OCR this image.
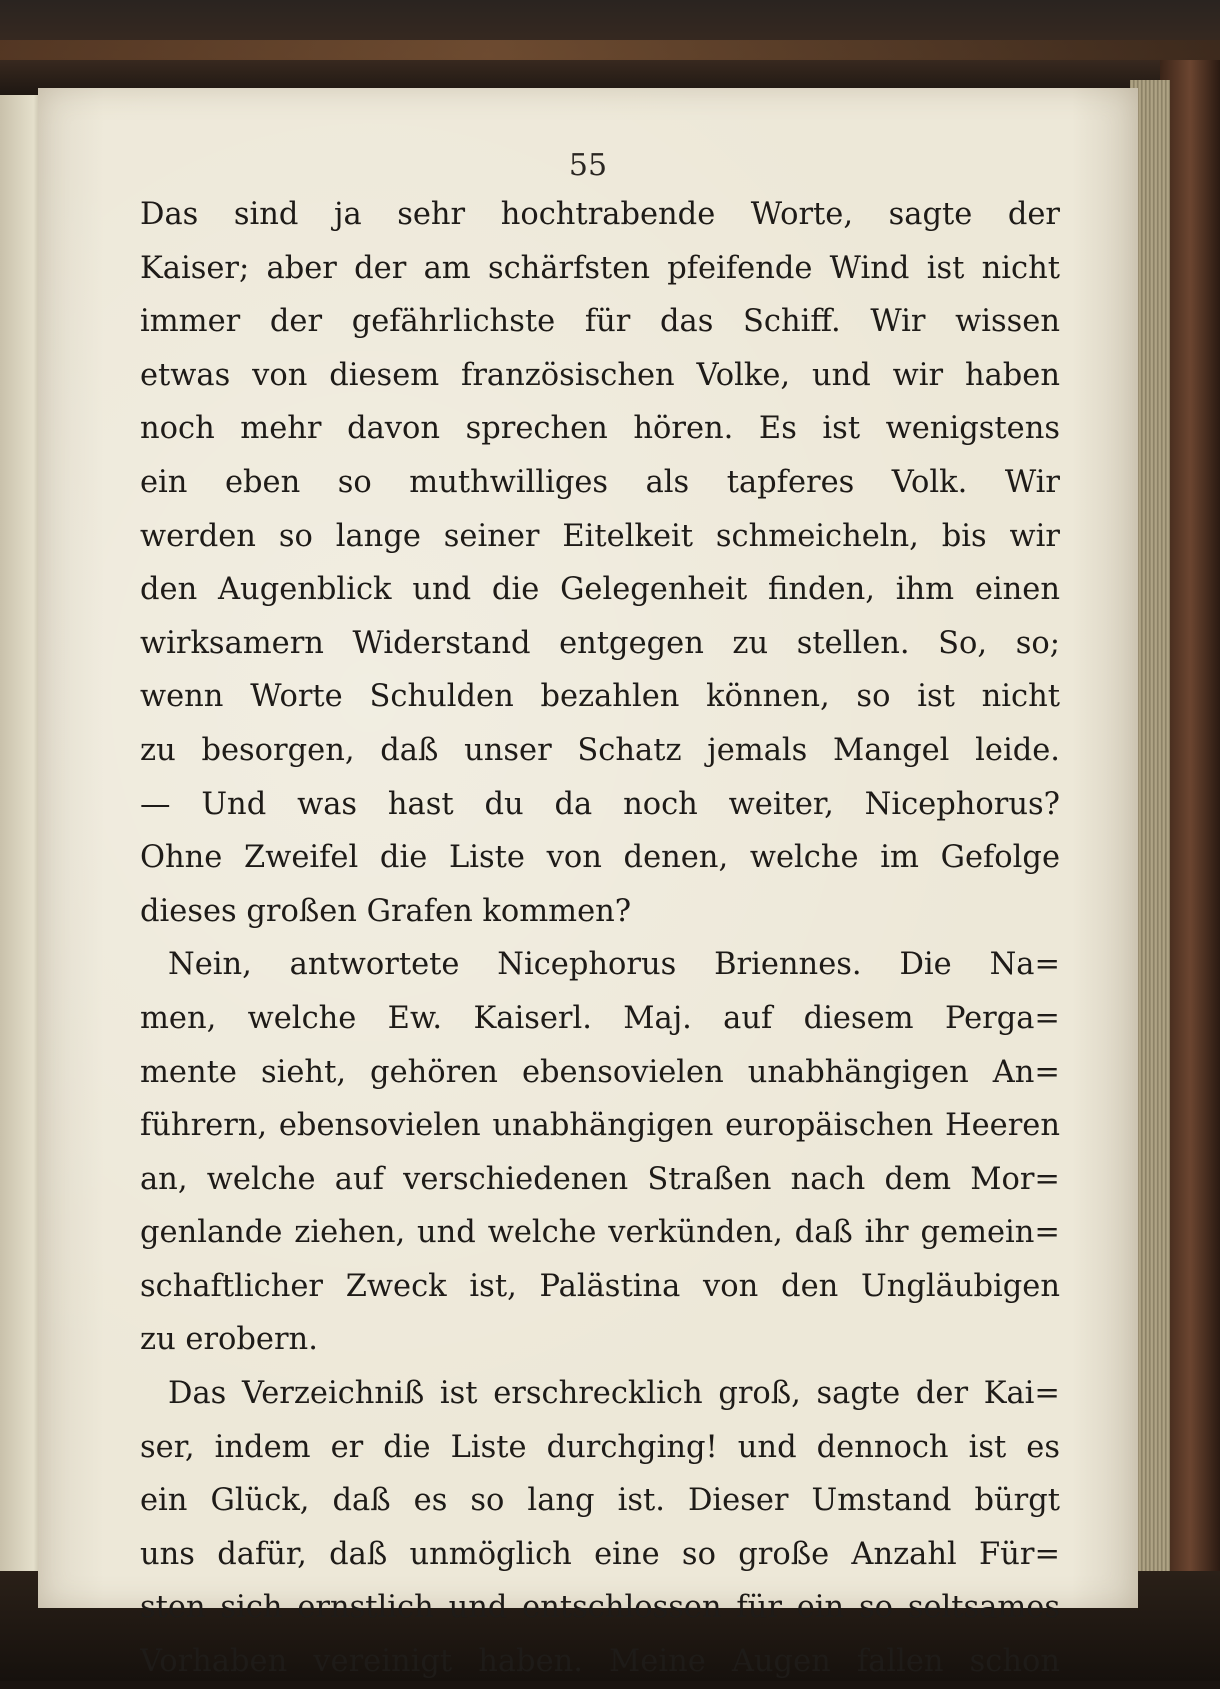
55
Das sind ja sehr hochtrabende Worte, sagte der
Kaiser; aber der am schärfsten pfeifende Wind ist nicht
immer der gefährlichste für das Schiff. Wir wissen
etwas von diesem französischen Volke, und wir haben
noch mehr davon sprechen hören. Es ist wenigstens
ein eben so muthwilliges als tapferes Volk. Wir
werden so lange seiner Eitelkeit schmeicheln, bis wir
den Augenblick und die Gelegenheit finden, ihm einen
wirksamern Widerstand entgegen zu stellen. So, so;
wenn Worte Schulden bezahlen können, so ist nicht
zu besorgen, daß unser Schatz jemals Mangel leide.
— Und was hast du da noch weiter, Nicephorus?
Ohne Zweifel die Liste von denen, welche im Gefolge
dieses großen Grafen kommen?
Nein, antwortete Nicephorus Briennes. Die Na=
men, welche Ew. Kaiserl. Maj. auf diesem Perga=
mente sieht, gehören ebensovielen unabhängigen An=
führern, ebensovielen unabhängigen europäischen Heeren
an, welche auf verschiedenen Straßen nach dem Mor=
genlande ziehen, und welche verkünden, daß ihr gemein=
schaftlicher Zweck ist, Palästina von den Ungläubigen
zu erobern.
Das Verzeichniß ist erschrecklich groß, sagte der Kai=
ser, indem er die Liste durchging! und dennoch ist es
ein Glück, daß es so lang ist. Dieser Umstand bürgt
uns dafür, daß unmöglich eine so große Anzahl Für=
sten sich ernstlich und entschlossen für ein so seltsames
Vorhaben vereinigt haben. Meine Augen fallen schon
